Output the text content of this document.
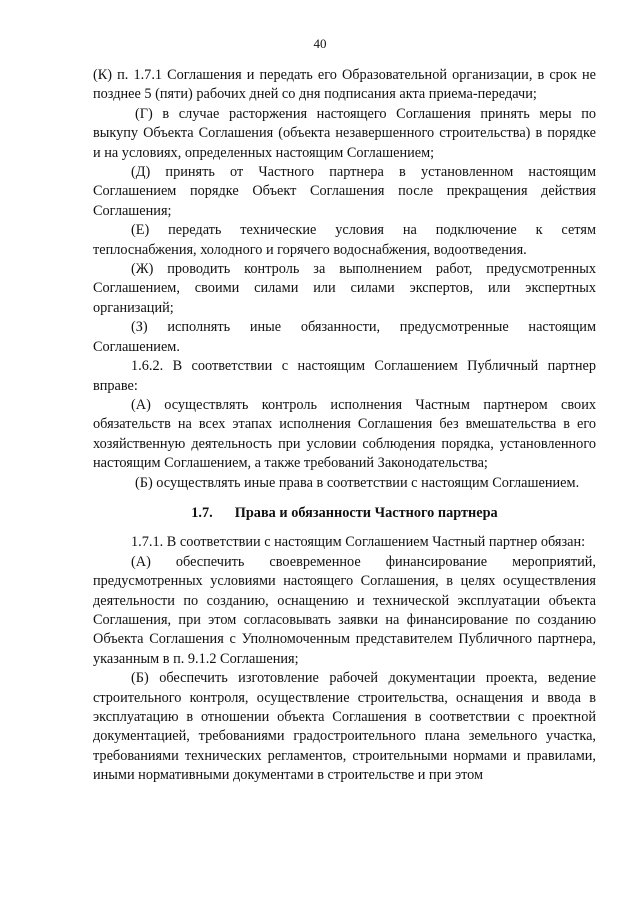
40

(К) п. 1.7.1 Соглашения и передать его Образовательной организации, в срок не позднее 5 (пяти) рабочих дней со дня подписания акта приема-передачи;

(Г) в случае расторжения настоящего Соглашения принять меры по выкупу Объекта Соглашения (объекта незавершенного строительства) в порядке и на условиях, определенных настоящим Соглашением;

(Д) принять от Частного партнера в установленном настоящим Соглашением порядке Объект Соглашения после прекращения действия Соглашения;

(Е) передать технические условия на подключение к сетям теплоснабжения, холодного и горячего водоснабжения, водоотведения.

(Ж) проводить контроль за выполнением работ, предусмотренных Соглашением, своими силами или силами экспертов, или экспертных организаций;

(З) исполнять иные обязанности, предусмотренные настоящим Соглашением.

1.6.2. В соответствии с настоящим Соглашением Публичный партнер вправе:

(А) осуществлять контроль исполнения Частным партнером своих обязательств на всех этапах исполнения Соглашения без вмешательства в его хозяйственную деятельность при условии соблюдения порядка, установленного настоящим Соглашением, а также требований Законодательства;

(Б) осуществлять иные права в соответствии с настоящим Соглашением.

1.7. Права и обязанности Частного партнера

1.7.1. В соответствии с настоящим Соглашением Частный партнер обязан:

(А) обеспечить своевременное финансирование мероприятий, предусмотренных условиями настоящего Соглашения, в целях осуществления деятельности по созданию, оснащению и технической эксплуатации объекта Соглашения, при этом согласовывать заявки на финансирование по созданию Объекта Соглашения с Уполномоченным представителем Публичного партнера, указанным в п. 9.1.2 Соглашения;

(Б) обеспечить изготовление рабочей документации проекта, ведение строительного контроля, осуществление строительства, оснащения и ввода в эксплуатацию в отношении объекта Соглашения в соответствии с проектной документацией, требованиями градостроительного плана земельного участка, требованиями технических регламентов, строительными нормами и правилами, иными нормативными документами в строительстве и при этом
